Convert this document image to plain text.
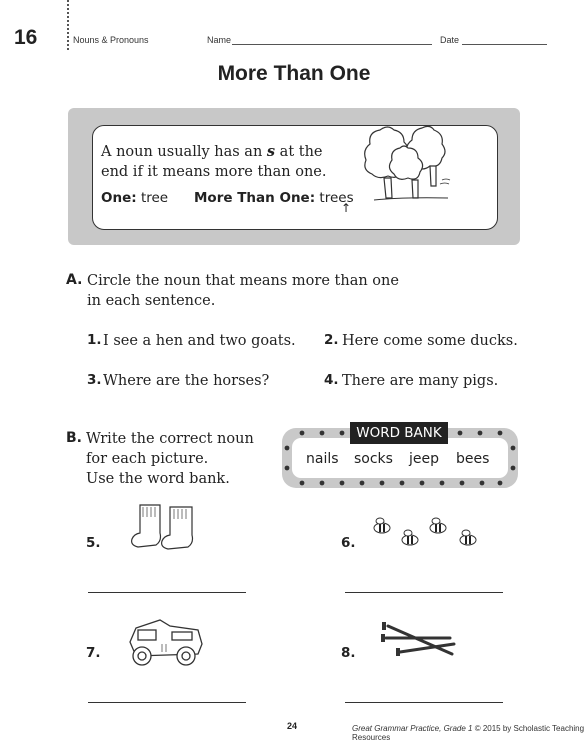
16	Nouns & Pronouns	Name	Date
More Than One
A noun usually has an s at the
end if it means more than one.
One: tree More Than One: trees
↑
A. Circle the noun that means more than one
in each sentence.
1. I see a hen and two goats. 2. Here come some ducks.
3. Where are the horses?	4. There are many pigs.
B. Write the correct noun
for each picture.
Use the word bank.
WORD BANK
nails socks jeep bees
5.	6.
7.	8.
24	Great Grammar Practice, Grade 1 © 2015 by Scholastic Teaching Resources
